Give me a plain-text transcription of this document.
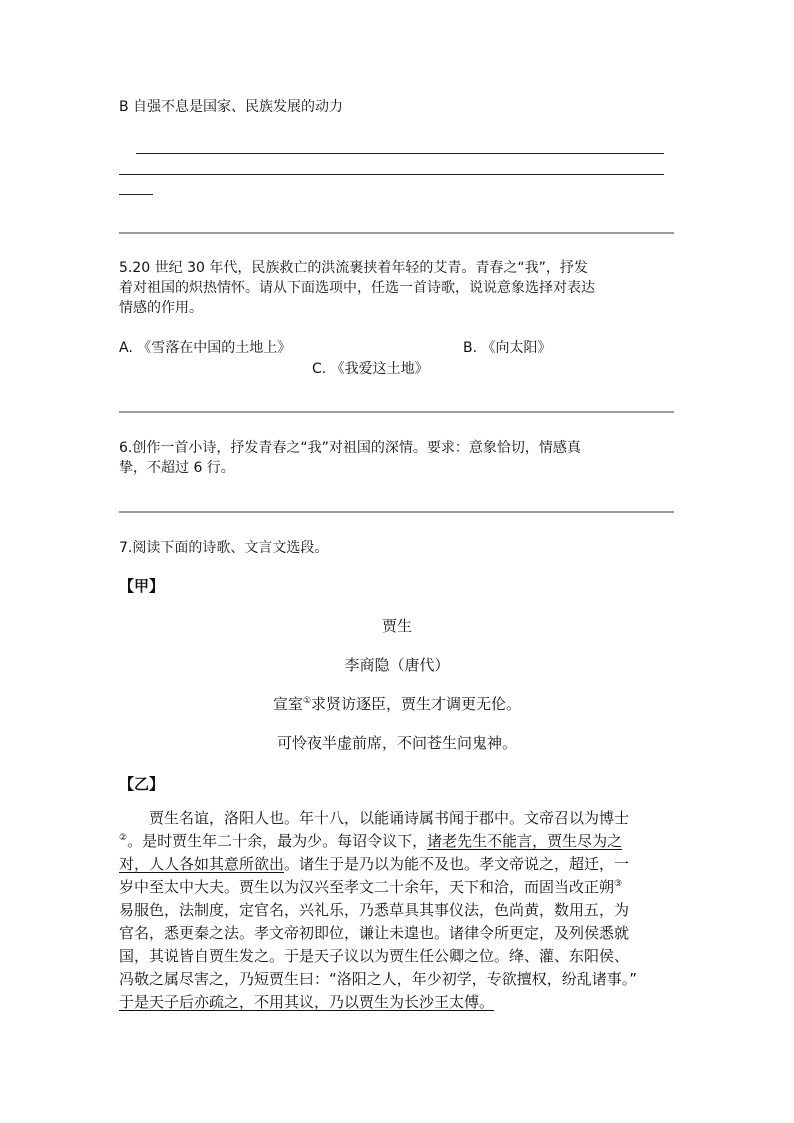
B 自强不息是国家、民族发展的动力
5.20 世纪 30 年代，民族救亡的洪流裹挟着年轻的艾青。青春之“我”，抒发
着对祖国的炽热情怀。请从下面选项中，任选一首诗歌，说说意象选择对表达
情感的作用。
A. 《雪落在中国的土地上》	B. 《向太阳》
C. 《我爱这土地》
6.创作一首小诗，抒发青春之“我”对祖国的深情。要求：意象恰切，情感真
挚，不超过 6 行。
7.阅读下面的诗歌、文言文选段。
【甲】
贾生
李商隐（唐代）
宣室①求贤访逐臣，贾生才调更无伦。
可怜夜半虚前席，不问苍生问鬼神。
【乙】
贾生名谊，洛阳人也。年十八，以能诵诗属书闻于郡中。文帝召以为博士
②。是时贾生年二十余，最为少。每诏令议下，诸老先生不能言，贾生尽为之
对，人人各如其意所欲出。诸生于是乃以为能不及也。孝文帝说之，超迁，一
岁中至太中大夫。贾生以为汉兴至孝文二十余年，天下和洽，而固当改正朔③
易服色，法制度，定官名，兴礼乐，乃悉草具其事仪法，色尚黄，数用五，为
官名，悉更秦之法。孝文帝初即位，谦让未遑也。诸律令所更定，及列侯悉就
国，其说皆自贾生发之。于是天子议以为贾生任公卿之位。绛、灌、东阳侯、
冯敬之属尽害之，乃短贾生曰：“洛阳之人，年少初学，专欲擅权，纷乱诸事。”
于是天子后亦疏之，不用其议，乃以贾生为长沙王太傅。
